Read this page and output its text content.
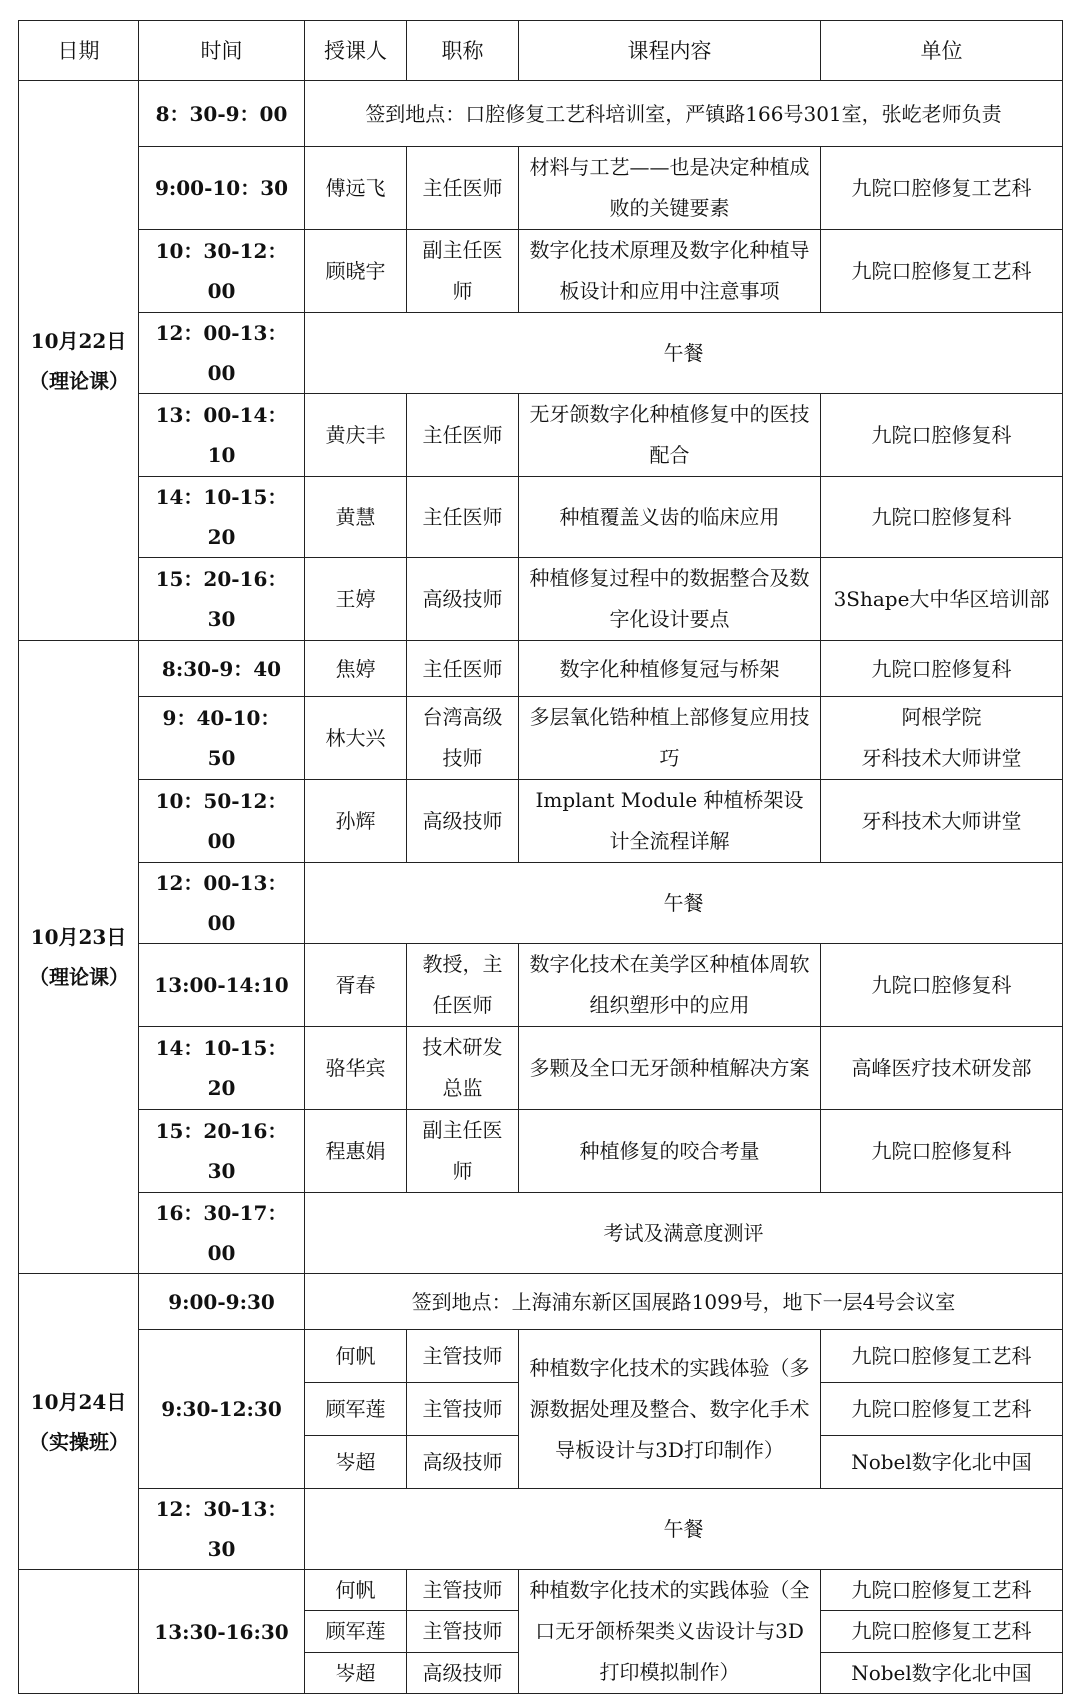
日期	时间	授课人	职称	课程内容	单位
10月22日
（理论课）	8：30-9：00	签到地点：口腔修复工艺科培训室，严镇路166号301室，张屹老师负责			
	9:00-10：30	傅远飞	主任医师	材料与工艺——也是决定种植成败的关键要素	九院口腔修复工艺科
	10：30-12：00	顾晓宇	副主任医师	数字化技术原理及数字化种植导板设计和应用中注意事项	九院口腔修复工艺科
	12：00-13：00	午餐			
	13：00-14：10	黄庆丰	主任医师	无牙颌数字化种植修复中的医技配合	九院口腔修复科
	14：10-15：20	黄慧	主任医师	种植覆盖义齿的临床应用	九院口腔修复科
	15：20-16：30	王婷	高级技师	种植修复过程中的数据整合及数字化设计要点	3Shape大中华区培训部
10月23日
（理论课）	8:30-9：40	焦婷	主任医师	数字化种植修复冠与桥架	九院口腔修复科
	9：40-10：50	林大兴	台湾高级技师	多层氧化锆种植上部修复应用技巧	阿根学院
牙科技术大师讲堂
	10：50-12：00	孙辉	高级技师	Implant Module 种植桥架设计全流程详解	牙科技术大师讲堂
	12：00-13：00	午餐			
	13:00-14:10	胥春	教授，主任医师	数字化技术在美学区种植体周软组织塑形中的应用	九院口腔修复科
	14：10-15：20	骆华宾	技术研发总监	多颗及全口无牙颌种植解决方案	高峰医疗技术研发部
	15：20-16：30	程惠娟	副主任医师	种植修复的咬合考量	九院口腔修复科
	16：30-17：00	考试及满意度测评			
10月24日
（实操班）	9:00-9:30	签到地点：上海浦东新区国展路1099号，地下一层4号会议室			
	9:30-12:30	何帆	主管技师	种植数字化技术的实践体验（多源数据处理及整合、数字化手术导板设计与3D打印制作）	九院口腔修复工艺科
		顾军莲	主管技师		九院口腔修复工艺科
		岑超	高级技师		Nobel数字化北中国
	12：30-13：30	午餐			
	13:30-16:30	何帆	主管技师	种植数字化技术的实践体验（全口无牙颌桥架类义齿设计与3D打印模拟制作）	九院口腔修复工艺科
		顾军莲	主管技师		九院口腔修复工艺科
		岑超	高级技师		Nobel数字化北中国
